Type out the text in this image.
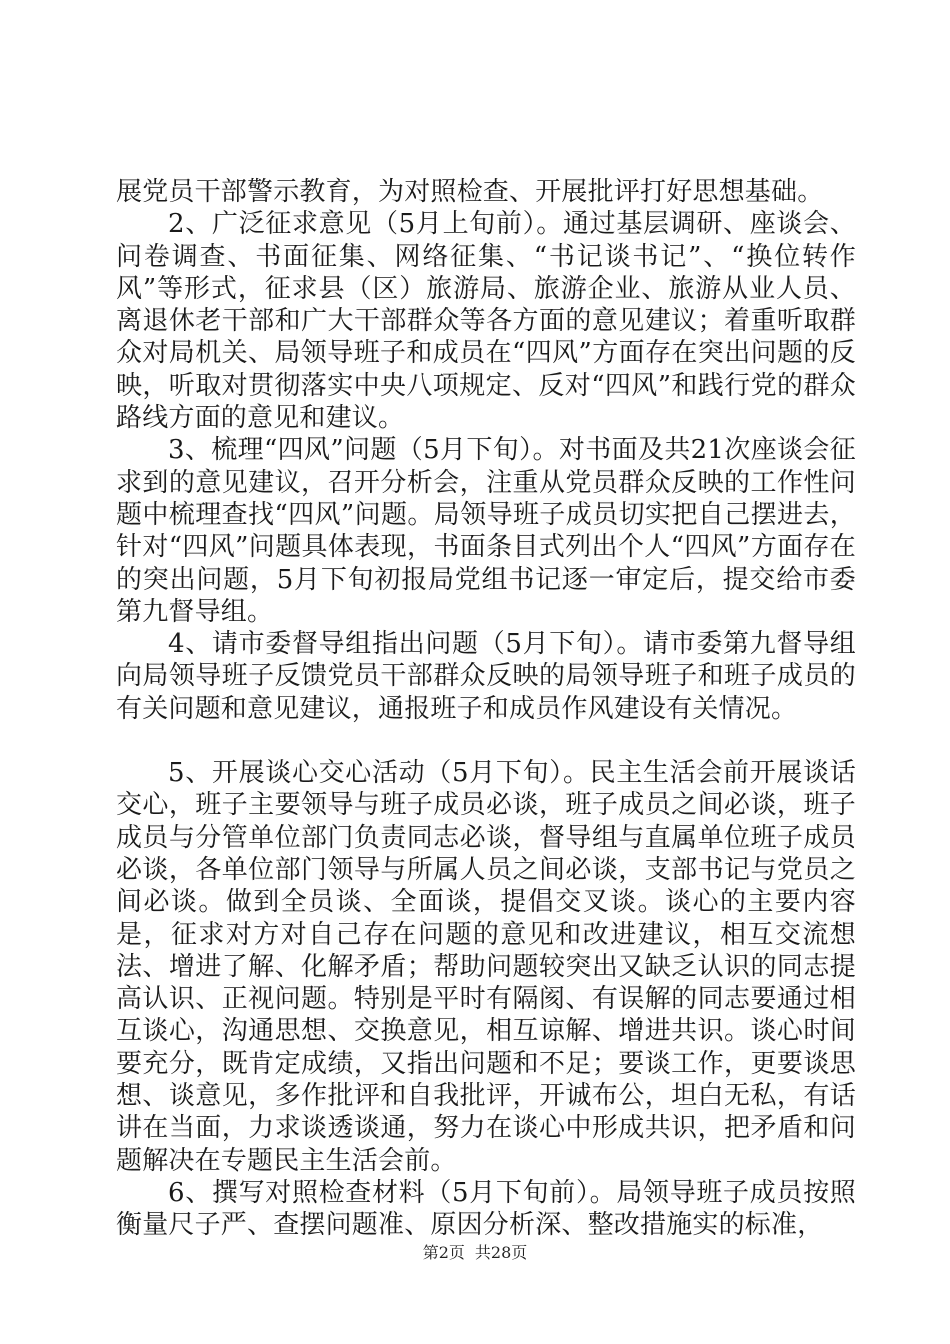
展党员干部警示教育，为对照检查、开展批评打好思想基础。

2、广泛征求意见（5月上旬前）。通过基层调研、座谈会、问卷调查、书面征集、网络征集、“书记谈书记”、“换位转作风”等形式，征求县（区）旅游局、旅游企业、旅游从业人员、离退休老干部和广大干部群众等各方面的意见建议；着重听取群众对局机关、局领导班子和成员在“四风”方面存在突出问题的反映，听取对贯彻落实中央八项规定、反对“四风”和践行党的群众路线方面的意见和建议。

3、梳理“四风”问题（5月下旬）。对书面及共21次座谈会征求到的意见建议，召开分析会，注重从党员群众反映的工作性问题中梳理查找“四风”问题。局领导班子成员切实把自己摆进去，针对“四风”问题具体表现，书面条目式列出个人“四风”方面存在的突出问题，5月下旬初报局党组书记逐一审定后，提交给市委第九督导组。

4、请市委督导组指出问题（5月下旬）。请市委第九督导组向局领导班子反馈党员干部群众反映的局领导班子和班子成员的有关问题和意见建议，通报班子和成员作风建设有关情况。

5、开展谈心交心活动（5月下旬）。民主生活会前开展谈话交心，班子主要领导与班子成员必谈，班子成员之间必谈，班子成员与分管单位部门负责同志必谈，督导组与直属单位班子成员必谈，各单位部门领导与所属人员之间必谈，支部书记与党员之间必谈。做到全员谈、全面谈，提倡交叉谈。谈心的主要内容是，征求对方对自己存在问题的意见和改进建议，相互交流想法、增进了解、化解矛盾；帮助问题较突出又缺乏认识的同志提高认识、正视问题。特别是平时有隔阂、有误解的同志要通过相互谈心，沟通思想、交换意见，相互谅解、增进共识。谈心时间要充分，既肯定成绩，又指出问题和不足；要谈工作，更要谈思想、谈意见，多作批评和自我批评，开诚布公，坦白无私，有话讲在当面，力求谈透谈通，努力在谈心中形成共识，把矛盾和问题解决在专题民主生活会前。

6、撰写对照检查材料（5月下旬前）。局领导班子成员按照衡量尺子严、查摆问题准、原因分析深、整改措施实的标准，

第2页 共28页
